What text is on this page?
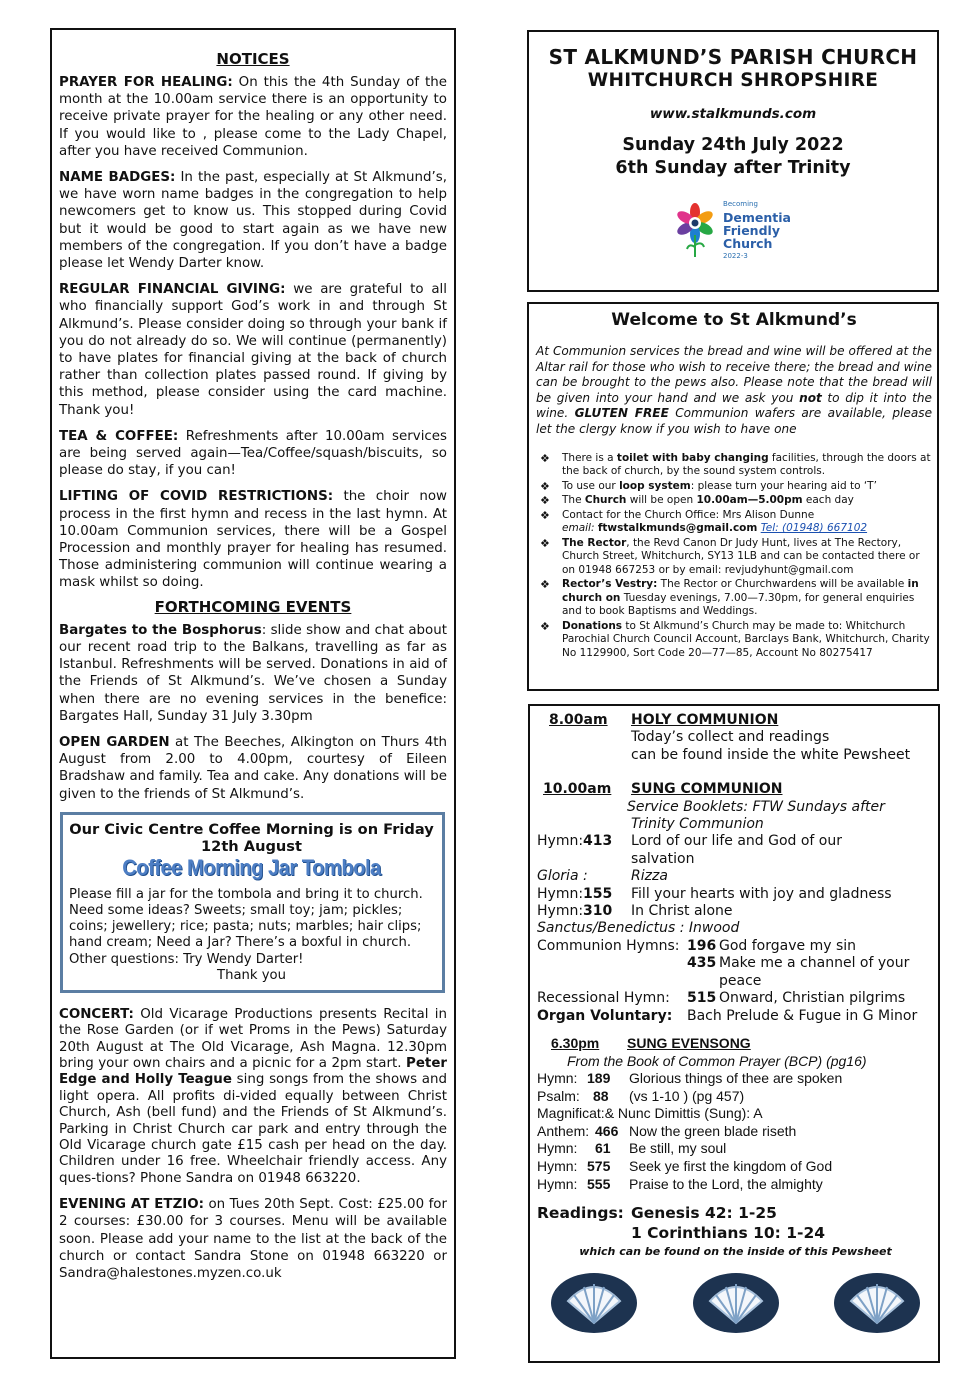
NOTICES

PRAYER FOR HEALING: On this the 4th Sunday of the month at the 10.00am service there is an opportunity to receive private prayer for the healing or any other need. If you would like to , please come to the Lady Chapel, after you have received Communion.

NAME BADGES: In the past, especially at St Alkmund’s, we have worn name badges in the congregation to help newcomers get to know us. This stopped during Covid but it would be good to start again as we have new members of the congregation. If you don’t have a badge please let Wendy Darter know.

REGULAR FINANCIAL GIVING: we are grateful to all who financially support God’s work in and through St Alkmund’s. Please consider doing so through your bank if you do not already do so. We will continue (permanently) to have plates for financial giving at the back of church rather than collection plates passed round. If giving by this method, please consider using the card machine. Thank you!

TEA & COFFEE: Refreshments after 10.00am services are being served again—Tea/Coffee/squash/biscuits, so please do stay, if you can!

LIFTING OF COVID RESTRICTIONS: the choir now process in the first hymn and recess in the last hymn. At 10.00am Communion services, there will be a Gospel Procession and monthly prayer for healing has resumed. Those administering communion will continue wearing a mask whilst so doing.

FORTHCOMING EVENTS

Bargates to the Bosphorus: slide show and chat about our recent road trip to the Balkans, travelling as far as Istanbul. Refreshments will be served. Donations in aid of the Friends of St Alkmund’s. We’ve chosen a Sunday when there are no evening services in the benefice: Bargates Hall, Sunday 31 July 3.30pm

OPEN GARDEN at The Beeches, Alkington on Thurs 4th August from 2.00 to 4.00pm, courtesy of Eileen Bradshaw and family. Tea and cake. Any donations will be given to the friends of St Alkmund’s.

Our Civic Centre Coffee Morning is on Friday 12th August
Coffee Morning Jar Tombola
Please fill a jar for the tombola and bring it to church. Need some ideas? Sweets; small toy; jam; pickles; coins; jewellery; rice; pasta; nuts; marbles; hair clips; hand cream; Need a Jar? There’s a boxful in church. Other questions: Try Wendy Darter!
Thank you

CONCERT: Old Vicarage Productions presents Recital in the Rose Garden (or if wet Proms in the Pews) Saturday 20th August at The Old Vicarage, Ash Magna. 12.30pm bring your own chairs and a picnic for a 2pm start. Peter Edge and Holly Teague sing songs from the shows and light opera. All profits di-vided equally between Christ Church, Ash (bell fund) and the Friends of St Alkmund’s. Parking in Christ Church car park and entry through the Old Vicarage church gate £15 cash per head on the day. Children under 16 free. Wheelchair friendly access. Any ques-tions? Phone Sandra on 01948 663220.

EVENING AT ETZIO: on Tues 20th Sept. Cost: £25.00 for 2 courses: £30.00 for 3 courses. Menu will be available soon. Please add your name to the list at the back of the church or contact Sandra Stone on 01948 663220 or Sandra@halestones.myzen.co.uk

ST ALKMUND’S PARISH CHURCH
WHITCHURCH SHROPSHIRE
www.stalkmunds.com
Sunday 24th July 2022
6th Sunday after Trinity
Becoming
Dementia
Friendly
Church
2022-3
Welcome to St Alkmund’s
At Communion services the bread and wine will be offered at the Altar rail for those who wish to receive there; the bread and wine can be brought to the pews also. Please note that the bread will be given into your hand and we ask you not to dip it into the wine. GLUTEN FREE Communion wafers are available, please let the clergy know if you wish to have one
❖ There is a toilet with baby changing facilities, through the doors at the back of church, by the sound system controls.
❖ To use our loop system: please turn your hearing aid to ‘T’
❖ The Church will be open 10.00am—5.00pm each day
❖ Contact for the Church Office: Mrs Alison Dunne
email: ftwstalkmunds@gmail.com Tel: (01948) 667102
❖ The Rector, the Revd Canon Dr Judy Hunt, lives at The Rectory, Church Street, Whitchurch, SY13 1LB and can be contacted there or on 01948 667253 or by email: revjudyhunt@gmail.com
❖ Rector’s Vestry: The Rector or Churchwardens will be available in church on Tuesday evenings, 7.00—7.30pm, for general enquiries and to book Baptisms and Weddings.
❖ Donations to St Alkmund’s Church may be made to: Whitchurch Parochial Church Council Account, Barclays Bank, Whitchurch, Charity No 1129900, Sort Code 20—77—85, Account No 80275417
8.00am	HOLY COMMUNION
Today’s collect and readings
can be found inside the white Pewsheet
10.00am	SUNG COMMUNION
Service Booklets: FTW Sundays after
Trinity Communion
Hymn: 413	Lord of our life and God of our
salvation
Gloria :	Rizza
Hymn: 155	Fill your hearts with joy and gladness
Hymn: 310	In Christ alone
Sanctus/Benedictus : Inwood
Communion Hymns: 196 God forgave my sin
435 Make me a channel of your
peace
Recessional Hymn:	515 Onward, Christian pilgrims
Organ Voluntary:	Bach Prelude & Fugue in G Minor
6.30pm	SUNG EVENSONG
From the Book of Common Prayer (BCP) (pg16)
Hymn: 189	Glorious things of thee are spoken
Psalm: 88	(vs 1-10 ) (pg 457)
Magnificat:& Nunc Dimittis (Sung): A
Anthem: 466 Now the green blade riseth
Hymn:	61	Be still, my soul
Hymn: 575	Seek ye first the kingdom of God
Hymn: 555	Praise to the Lord, the almighty
Readings: Genesis 42: 1-25
1 Corinthians 10: 1-24
which can be found on the inside of this Pewsheet
